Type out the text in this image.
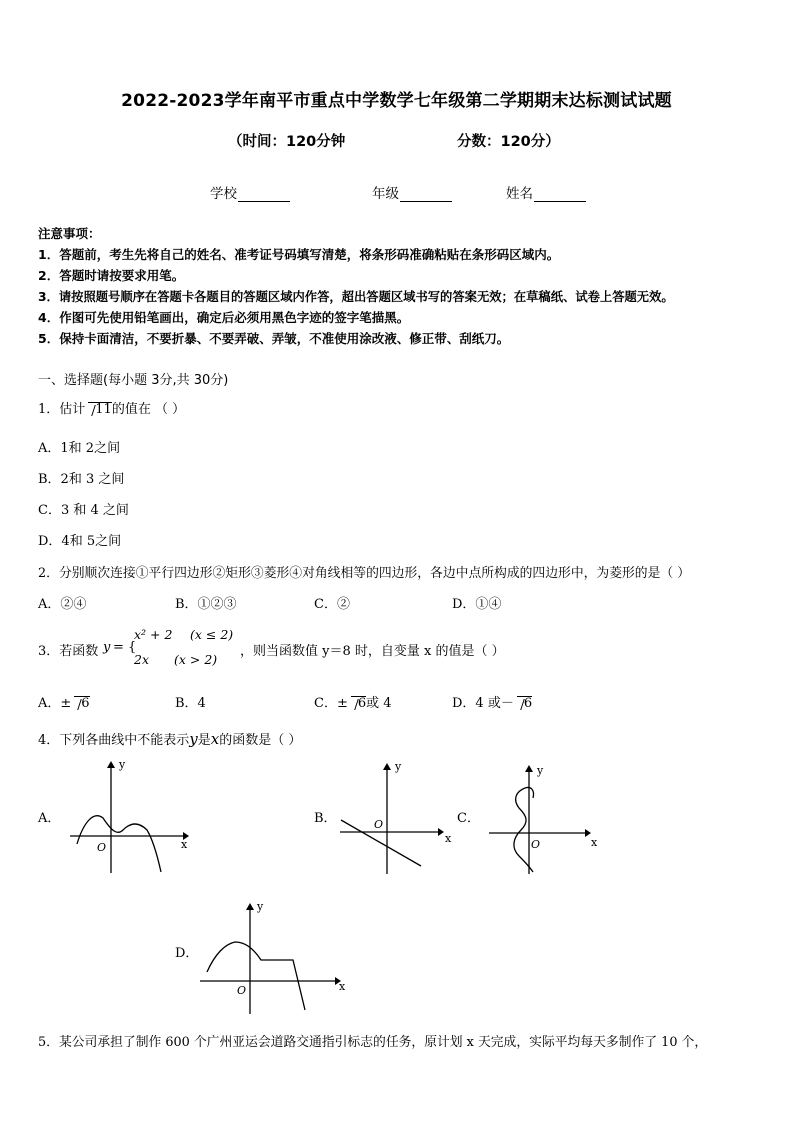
2022-2023学年南平市重点中学数学七年级第二学期期末达标测试试题
（时间：120分钟	分数：120分）
学校	年级	姓名
注意事项：
1．答题前，考生先将自己的姓名、准考证号码填写清楚，将条形码准确粘贴在条形码区域内。
2．答题时请按要求用笔。
3．请按照题号顺序在答题卡各题目的答题区域内作答，超出答题区域书写的答案无效；在草稿纸、试卷上答题无效。
4．作图可先使用铅笔画出，确定后必须用黑色字迹的签字笔描黑。
5．保持卡面清洁，不要折暴、不要弄破、弄皱，不准使用涂改液、修正带、刮纸刀。
一、选择题(每小题 3分,共 30分)
1．估计 11的值在 （ ）
A．1和 2之间
B．2和 3 之间
C．3 和 4 之间
D．4和 5之间
2．分别顺次连接①平行四边形②矩形③菱形④对角线相等的四边形，各边中点所构成的四边形中，为菱形的是（ ）
A．②④	B．①②③	C．②	D．①④
3．若函数 y = {
x² + 2 (x ≤ 2)
2x (x > 2)
，则当函数值 y＝8 时，自变量 x 的值是（ ）
A．± 6	B．4	C．± 6或 4	D．4 或－ 6
4．下列各曲线中不能表示y是x的函数是（ ）
A．	B．	C．
D．
y
x
O
y
x
O
y
x
O
y
x
O
5．某公司承担了制作 600 个广州亚运会道路交通指引标志的任务，原计划 x 天完成，实际平均每天多制作了 10 个，
